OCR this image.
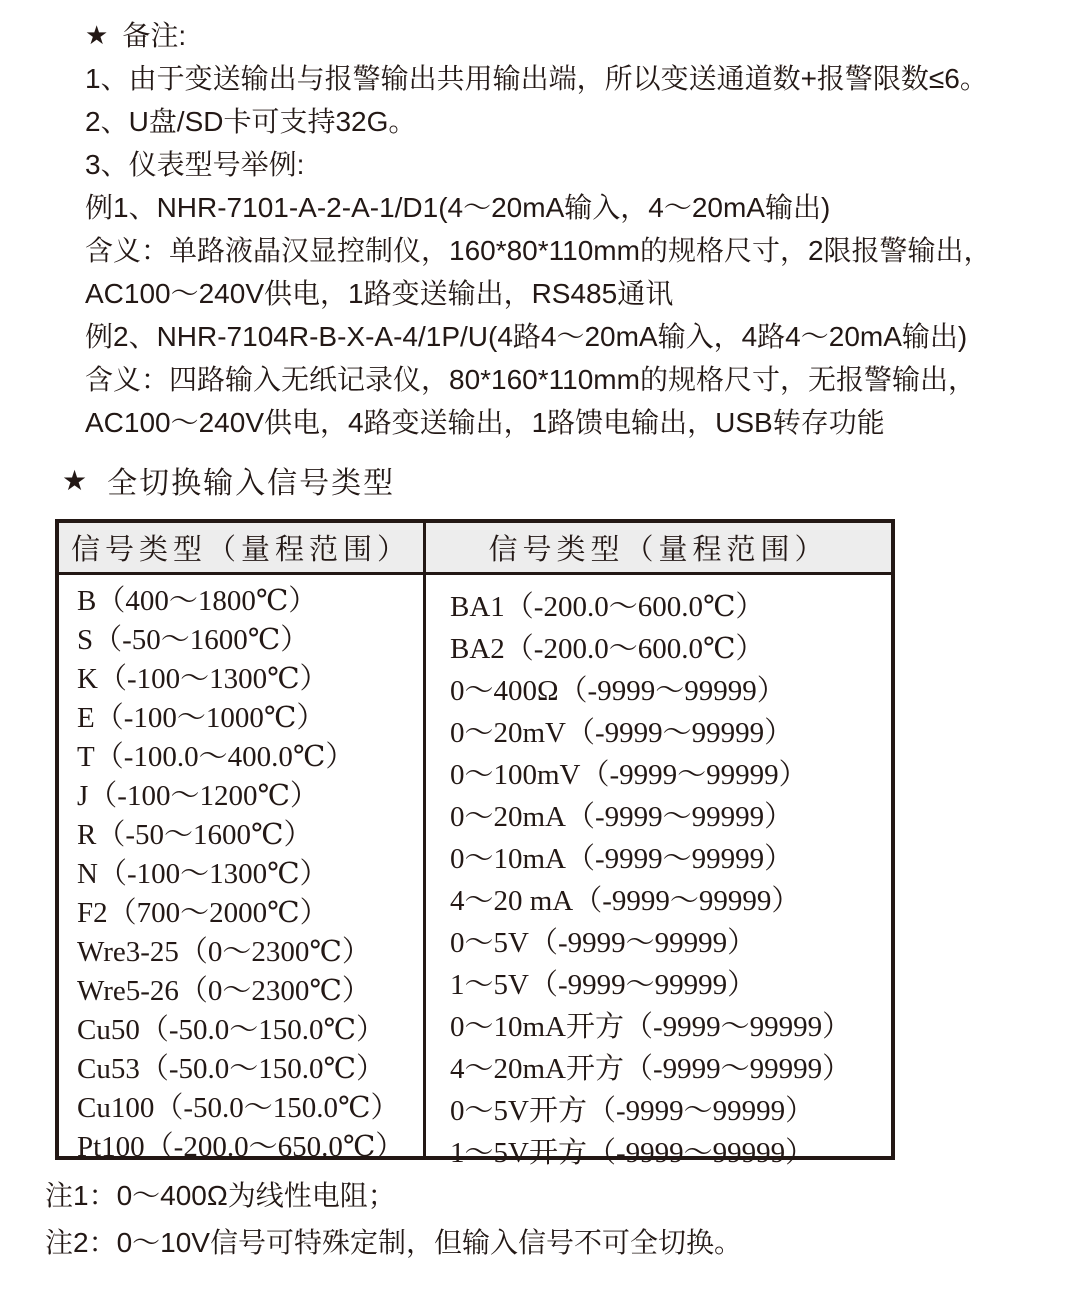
★ 备注:
1、由于变送输出与报警输出共用输出端，所以变送通道数+报警限数≤6。
2、U盘/SD卡可支持32G。
3、仪表型号举例:
例1、NHR-7101-A-2-A-1/D1(4～20mA输入，4～20mA输出)
含义：单路液晶汉显控制仪，160*80*110mm的规格尺寸，2限报警输出，
AC100～240V供电，1路变送输出，RS485通讯
例2、NHR-7104R-B-X-A-4/1P/U(4路4～20mA输入，4路4～20mA输出)
含义：四路输入无纸记录仪，80*160*110mm的规格尺寸，无报警输出，
AC100～240V供电，4路变送输出，1路馈电输出，USB转存功能
★ 全切换输入信号类型
信号类型（量程范围）	信号类型（量程范围）
B（400～1800℃）
S（-50～1600℃）
K（-100～1300℃）
E（-100～1000℃）
T（-100.0～400.0℃）
J（-100～1200℃）
R（-50～1600℃）
N（-100～1300℃）
F2（700～2000℃）
Wre3-25（0～2300℃）
Wre5-26（0～2300℃）
Cu50（-50.0～150.0℃）
Cu53（-50.0～150.0℃）
Cu100（-50.0～150.0℃）
Pt100（-200.0～650.0℃）
BA1（-200.0～600.0℃）
BA2（-200.0～600.0℃）
0～400Ω（-9999～99999）
0～20mV（-9999～99999）
0～100mV（-9999～99999）
0～20mA（-9999～99999）
0～10mA（-9999～99999）
4～20 mA（-9999～99999）
0～5V（-9999～99999）
1～5V（-9999～99999）
0～10mA开方（-9999～99999）
4～20mA开方（-9999～99999）
0～5V开方（-9999～99999）
1～5V开方（-9999～99999）
注1：0～400Ω为线性电阻；
注2：0～10V信号可特殊定制，但输入信号不可全切换。
